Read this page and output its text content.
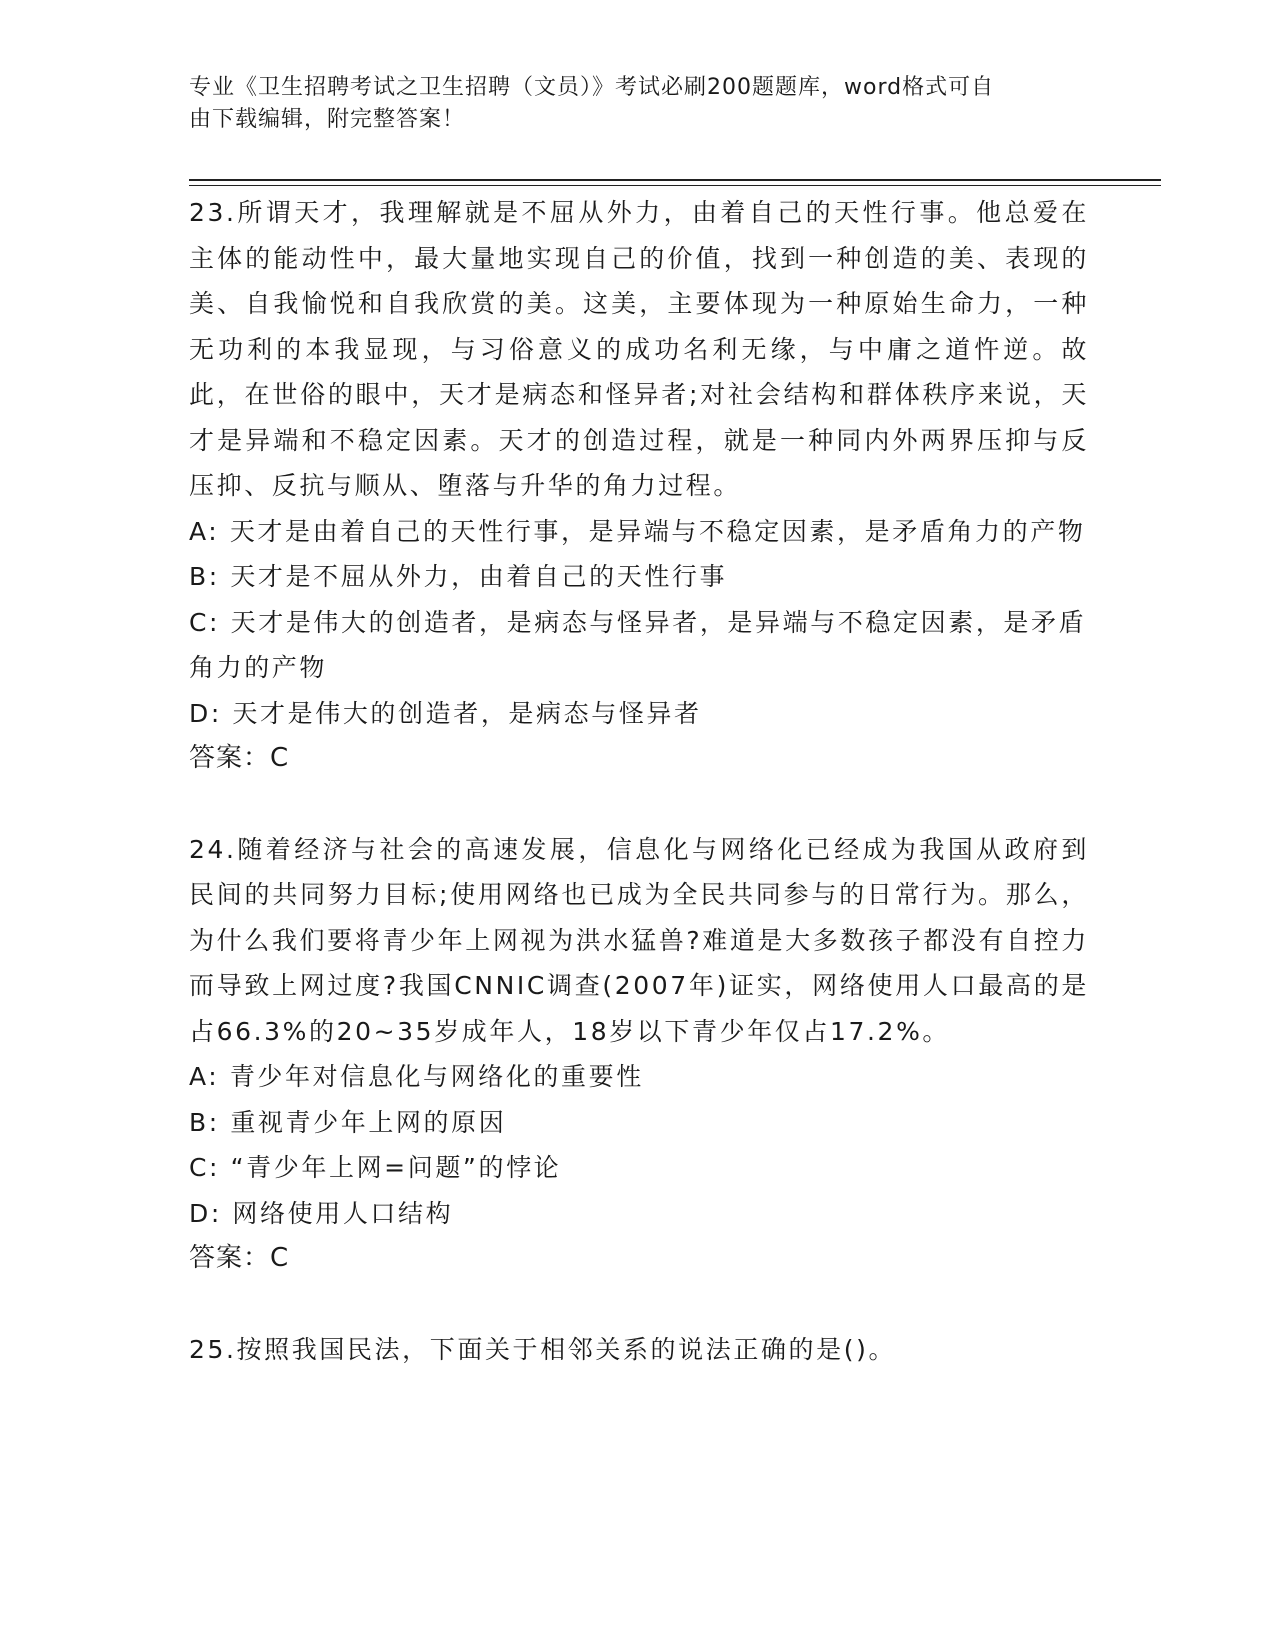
专业《卫生招聘考试之卫生招聘（文员）》考试必刷200题题库，word格式可自
由下载编辑，附完整答案！

23.所谓天才，我理解就是不屈从外力，由着自己的天性行事。他总爱在主体的能动性中，最大量地实现自己的价值，找到一种创造的美、表现的美、自我愉悦和自我欣赏的美。这美，主要体现为一种原始生命力，一种无功利的本我显现，与习俗意义的成功名利无缘，与中庸之道忤逆。故此，在世俗的眼中，天才是病态和怪异者;对社会结构和群体秩序来说，天才是异端和不稳定因素。天才的创造过程，就是一种同内外两界压抑与反压抑、反抗与顺从、堕落与升华的角力过程。

A: 天才是由着自己的天性行事，是异端与不稳定因素，是矛盾角力的产物
B: 天才是不屈从外力，由着自己的天性行事
C: 天才是伟大的创造者，是病态与怪异者，是异端与不稳定因素，是矛盾角力的产物
D: 天才是伟大的创造者，是病态与怪异者

答案：C

24.随着经济与社会的高速发展，信息化与网络化已经成为我国从政府到民间的共同努力目标;使用网络也已成为全民共同参与的日常行为。那么，为什么我们要将青少年上网视为洪水猛兽?难道是大多数孩子都没有自控力而导致上网过度?我国CNNIC调查(2007年)证实，网络使用人口最高的是占66.3%的20~35岁成年人，18岁以下青少年仅占17.2%。

A: 青少年对信息化与网络化的重要性
B: 重视青少年上网的原因
C: “青少年上网=问题”的悖论
D: 网络使用人口结构

答案：C

25.按照我国民法，下面关于相邻关系的说法正确的是()。
